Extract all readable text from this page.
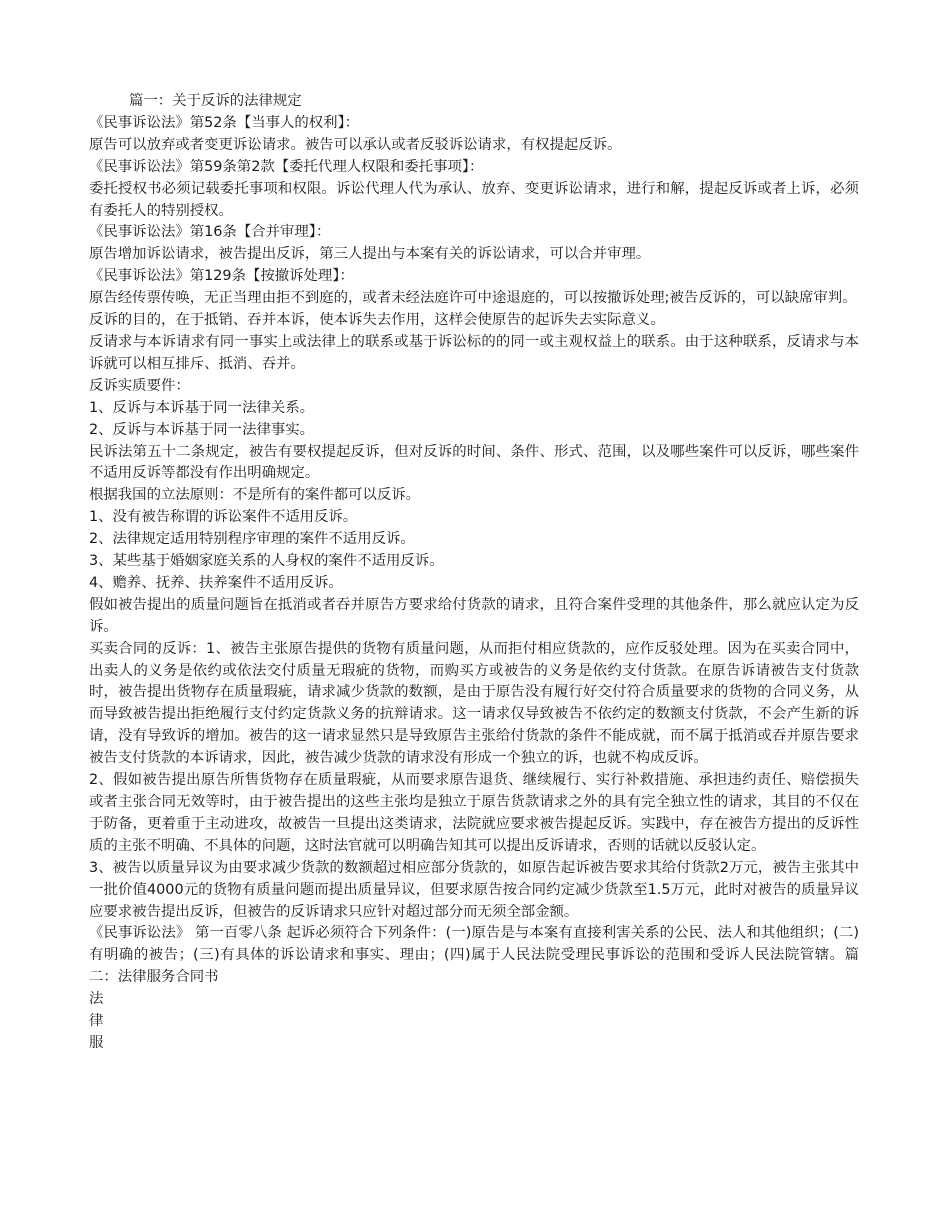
篇一：关于反诉的法律规定

《民事诉讼法》第52条【当事人的权利】：

原告可以放弃或者变更诉讼请求。被告可以承认或者反驳诉讼请求，有权提起反诉。

《民事诉讼法》第59条第2款【委托代理人权限和委托事项】：

委托授权书必须记载委托事项和权限。诉讼代理人代为承认、放弃、变更诉讼请求，进行和解，提起反诉或者上诉，必须有委托人的特别授权。

《民事诉讼法》第16条【合并审理】：

原告增加诉讼请求，被告提出反诉，第三人提出与本案有关的诉讼请求，可以合并审理。

《民事诉讼法》第129条【按撤诉处理】：

原告经传票传唤，无正当理由拒不到庭的，或者未经法庭许可中途退庭的，可以按撤诉处理;被告反诉的，可以缺席审判。

反诉的目的，在于抵销、吞并本诉，使本诉失去作用，这样会使原告的起诉失去实际意义。

反请求与本诉请求有同一事实上或法律上的联系或基于诉讼标的的同一或主观权益上的联系。由于这种联系，反请求与本诉就可以相互排斥、抵消、吞并。

反诉实质要件：

1、反诉与本诉基于同一法律关系。

2、反诉与本诉基于同一法律事实。

民诉法第五十二条规定，被告有要权提起反诉，但对反诉的时间、条件、形式、范围，以及哪些案件可以反诉，哪些案件不适用反诉等都没有作出明确规定。

根据我国的立法原则：不是所有的案件都可以反诉。

1、没有被告称谓的诉讼案件不适用反诉。

2、法律规定适用特别程序审理的案件不适用反诉。

3、某些基于婚姻家庭关系的人身权的案件不适用反诉。

4、赡养、抚养、扶养案件不适用反诉。

假如被告提出的质量问题旨在抵消或者吞并原告方要求给付货款的请求，且符合案件受理的其他条件，那么就应认定为反诉。

买卖合同的反诉：1、被告主张原告提供的货物有质量问题，从而拒付相应货款的，应作反驳处理。因为在买卖合同中，出卖人的义务是依约或依法交付质量无瑕疵的货物，而购买方或被告的义务是依约支付货款。在原告诉请被告支付货款时，被告提出货物存在质量瑕疵，请求减少货款的数额，是由于原告没有履行好交付符合质量要求的货物的合同义务，从而导致被告提出拒绝履行支付约定货款义务的抗辩请求。这一请求仅导致被告不依约定的数额支付货款，不会产生新的诉请，没有导致诉的增加。被告的这一请求显然只是导致原告主张给付货款的条件不能成就，而不属于抵消或吞并原告要求被告支付货款的本诉请求，因此，被告减少货款的请求没有形成一个独立的诉，也就不构成反诉。

2、假如被告提出原告所售货物存在质量瑕疵，从而要求原告退货、继续履行、实行补救措施、承担违约责任、赔偿损失或者主张合同无效等时，由于被告提出的这些主张均是独立于原告货款请求之外的具有完全独立性的请求，其目的不仅在于防备，更着重于主动进攻，故被告一旦提出这类请求，法院就应要求被告提起反诉。实践中，存在被告方提出的反诉性质的主张不明确、不具体的问题，这时法官就可以明确告知其可以提出反诉请求，否则的话就以反驳认定。

3、被告以质量异议为由要求减少货款的数额超过相应部分货款的，如原告起诉被告要求其给付货款2万元，被告主张其中一批价值4000元的货物有质量问题而提出质量异议，但要求原告按合同约定减少货款至1.5万元，此时对被告的质量异议应要求被告提出反诉，但被告的反诉请求只应针对超过部分而无须全部金额。

《民事诉讼法》 第一百零八条 起诉必须符合下列条件：(一)原告是与本案有直接利害关系的公民、法人和其他组织；(二)有明确的被告；(三)有具体的诉讼请求和事实、理由；(四)属于人民法院受理民事诉讼的范围和受诉人民法院管辖。篇二：法律服务合同书

法

律

服
